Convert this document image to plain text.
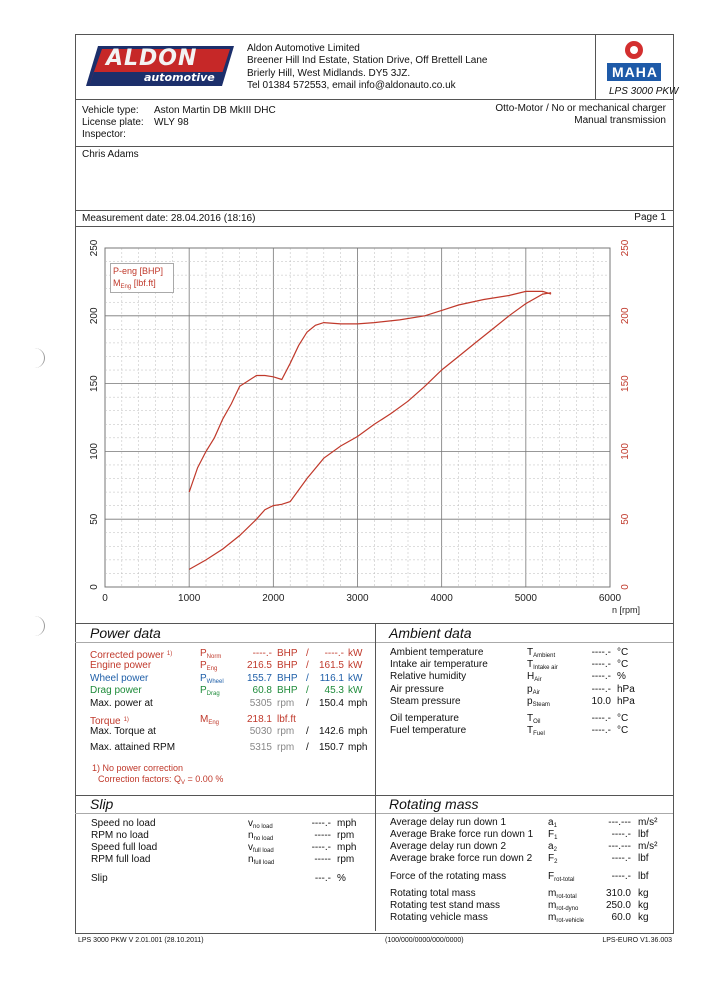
ALDON
automotive
Aldon Automotive Limited
Breener Hill Ind Estate, Station Drive, Off Brettell Lane
Brierly Hill, West Midlands. DY5 3JZ.
Tel 01384 572553, email info@aldonauto.co.uk
MAHA
LPS 3000 PKW
Vehicle type: Aston Martin DB MkIII DHC
License plate: WLY 98
Inspector:
Otto-Motor / No or mechanical charger
Manual transmission
Chris Adams
Measurement date: 28.04.2016 (18:16)	Page 1
0	1000	2000	3000	4000	5000	6000
0	0
50	50
100	100
150	150
200	200
250	250
n [rpm]
P-eng [BHP]
$M_{Eng}$ [lbf.ft]
Power data	Ambient data
Slip	Rotating mass
Corrected power $^{1)}$	$P_{Norm}$	----.- BHP /	----.- kW
Engine power	$P_{Eng}$	216.5 BHP /	161.5 kW
Wheel power	$P_{Wheel}$	155.7 BHP /	116.1 kW
Drag power	$P_{Drag}$	60.8 BHP /	45.3 kW
Max. power at	5305 rpm /	150.4 mph
Torque $^{1)}$	$M_{Eng}$	218.1 lbf.ft
Max. Torque at	5030 rpm /	142.6 mph
Max. attained RPM	5315 rpm /	150.7 mph
1) No power correction
Correction factors: $Q_V = 0.00$ %
Ambient temperature	$T_{Ambient}$	----.- °C
Intake air temperature	$T_{Intake air}$	----.- °C
Relative humidity	$H_{Air}$	----.- %
Air pressure	$p_{Air}$	----.- hPa
Steam pressure	$p_{Steam}$	10.0 hPa
Oil temperature	$T_{Oil}$	----.- °C
Fuel temperature	$T_{Fuel}$	----.- °C
Speed no load	$v_{no load}$	----.- mph
RPM no load	$n_{no load}$	----- rpm
Speed full load	$v_{full load}$	----.- mph
RPM full load	$n_{full load}$	----- rpm
Slip	---.- %
Average delay run down 1	$a_1$	---.--- m/s²
Average Brake force run down 1 $F_1$	----.- lbf
Average delay run down 2	$a_2$	---.--- m/s²
Average brake force run down 2 $F_2$	----.- lbf
Force of the rotating mass	$F_{rot-total}$	----.- lbf
Rotating total mass	$m_{rot-total}$	310.0 kg
Rotating test stand mass	$m_{rot-dyno}$	250.0 kg
Rotating vehicle mass	$m_{rot-vehicle}$	60.0 kg
LPS 3000 PKW V 2.01.001 (28.10.2011)	(100/000/0000/000/0000)	LPS-EURO V1.36.003
